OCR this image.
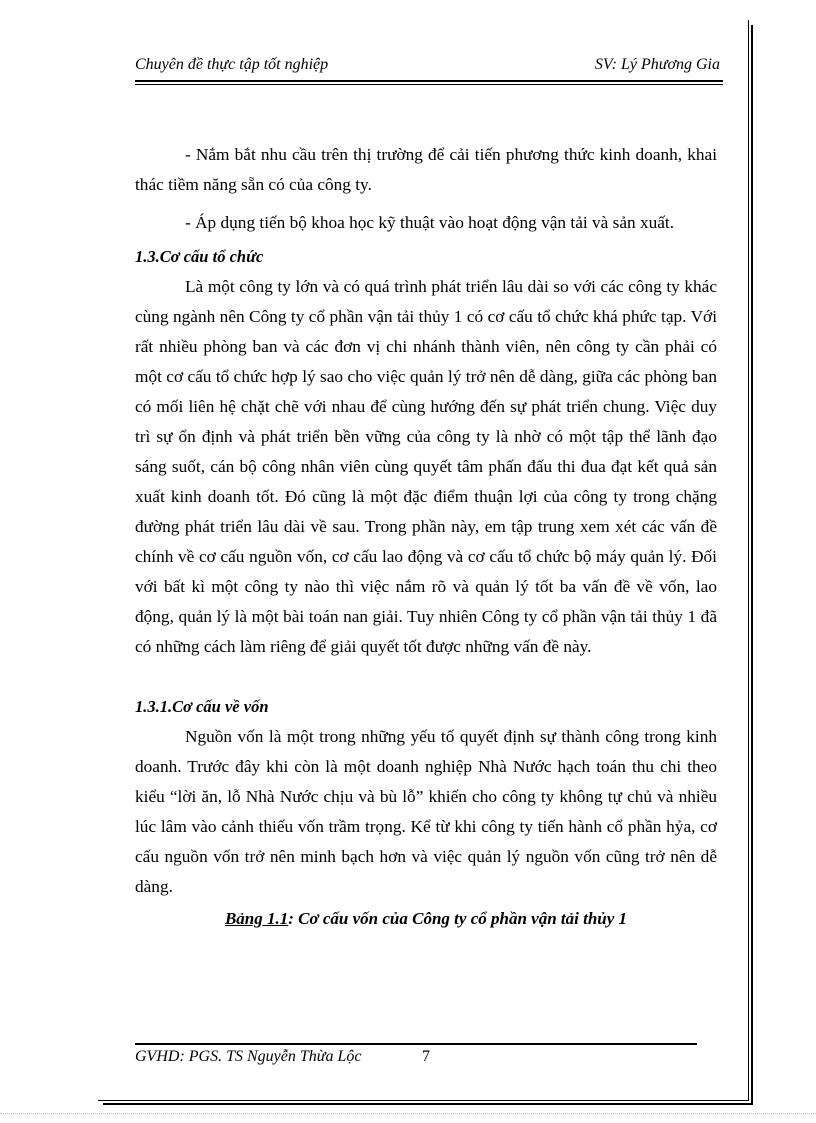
Chuyên đề thực tập tốt nghiệp	SV: Lý Phương Gia

- Nắm bắt nhu cầu trên thị trường để cải tiến phương thức kinh doanh, khai thác tiềm năng sẵn có của công ty.

- Áp dụng tiến bộ khoa học kỹ thuật vào hoạt động vận tải và sản xuất.

1.3.Cơ cấu tổ chức

Là một công ty lớn và có quá trình phát triển lâu dài so với các công ty khác cùng ngành nên Công ty cổ phần vận tải thủy 1 có cơ cấu tổ chức khá phức tạp. Với rất nhiều phòng ban và các đơn vị chi nhánh thành viên, nên công ty cần phải có một cơ cấu tổ chức hợp lý sao cho việc quản lý trở nên dễ dàng, giữa các phòng ban có mối liên hệ chặt chẽ với nhau để cùng hướng đến sự phát triển chung. Việc duy trì sự ổn định và phát triển bền vững của công ty là nhờ có một tập thể lãnh đạo sáng suốt, cán bộ công nhân viên cùng quyết tâm phấn đấu thi đua đạt kết quả sản xuất kinh doanh tốt. Đó cũng là một đặc điểm thuận lợi của công ty trong chặng đường phát triển lâu dài về sau. Trong phần này, em tập trung xem xét các vấn đề chính về cơ cấu nguồn vốn, cơ cấu lao động và cơ cấu tổ chức bộ máy quản lý. Đối với bất kì một công ty nào thì việc nắm rõ và quản lý tốt ba vấn đề về vốn, lao động, quản lý là một bài toán nan giải. Tuy nhiên Công ty cổ phần vận tải thủy 1 đã có những cách làm riêng để giải quyết tốt được những vấn đề này.

1.3.1.Cơ cấu về vốn

Nguồn vốn là một trong những yếu tố quyết định sự thành công trong kinh doanh. Trước đây khi còn là một doanh nghiệp Nhà Nước hạch toán thu chi theo kiểu “lời ăn, lỗ Nhà Nước chịu và bù lỗ” khiến cho công ty không tự chủ và nhiều lúc lâm vào cảnh thiếu vốn trầm trọng. Kể từ khi công ty tiến hành cổ phần hỷa, cơ cấu nguồn vốn trở nên minh bạch hơn và việc quản lý nguồn vốn cũng trở nên dễ dàng.

Bảng 1.1: Cơ cấu vốn của Công ty cổ phần vận tải thủy 1
GVHD: PGS. TS Nguyễn Thừa Lộc	7
